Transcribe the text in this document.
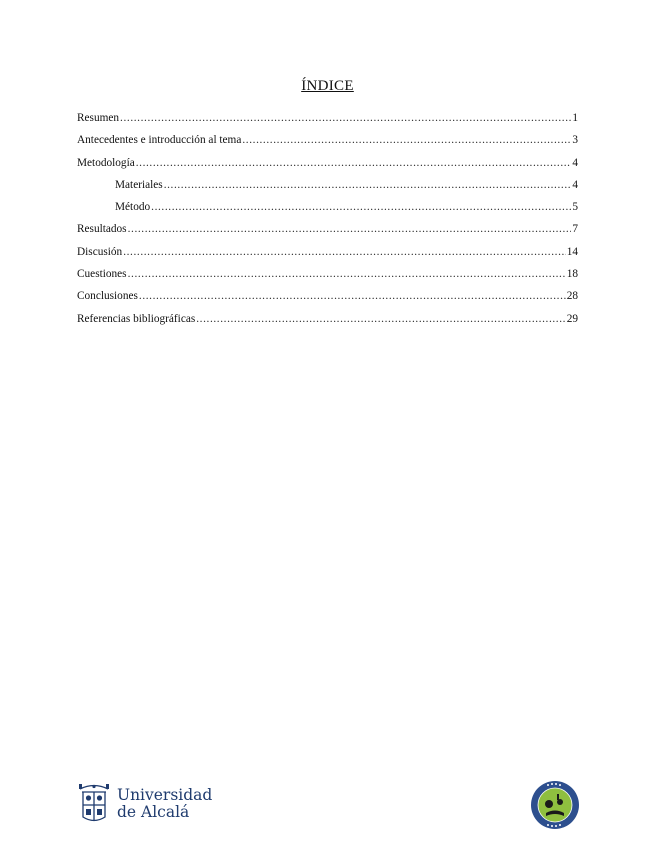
ÍNDICE
Resumen .....	1
Antecedentes e introducción al tema .....	3
Metodología .....	4
Materiales .....	4
Método .....	5
Resultados .....	7
Discusión .....	14
Cuestiones .....	18
Conclusiones .....	28
Referencias bibliográficas .....	29
Universidad
de Alcalá
